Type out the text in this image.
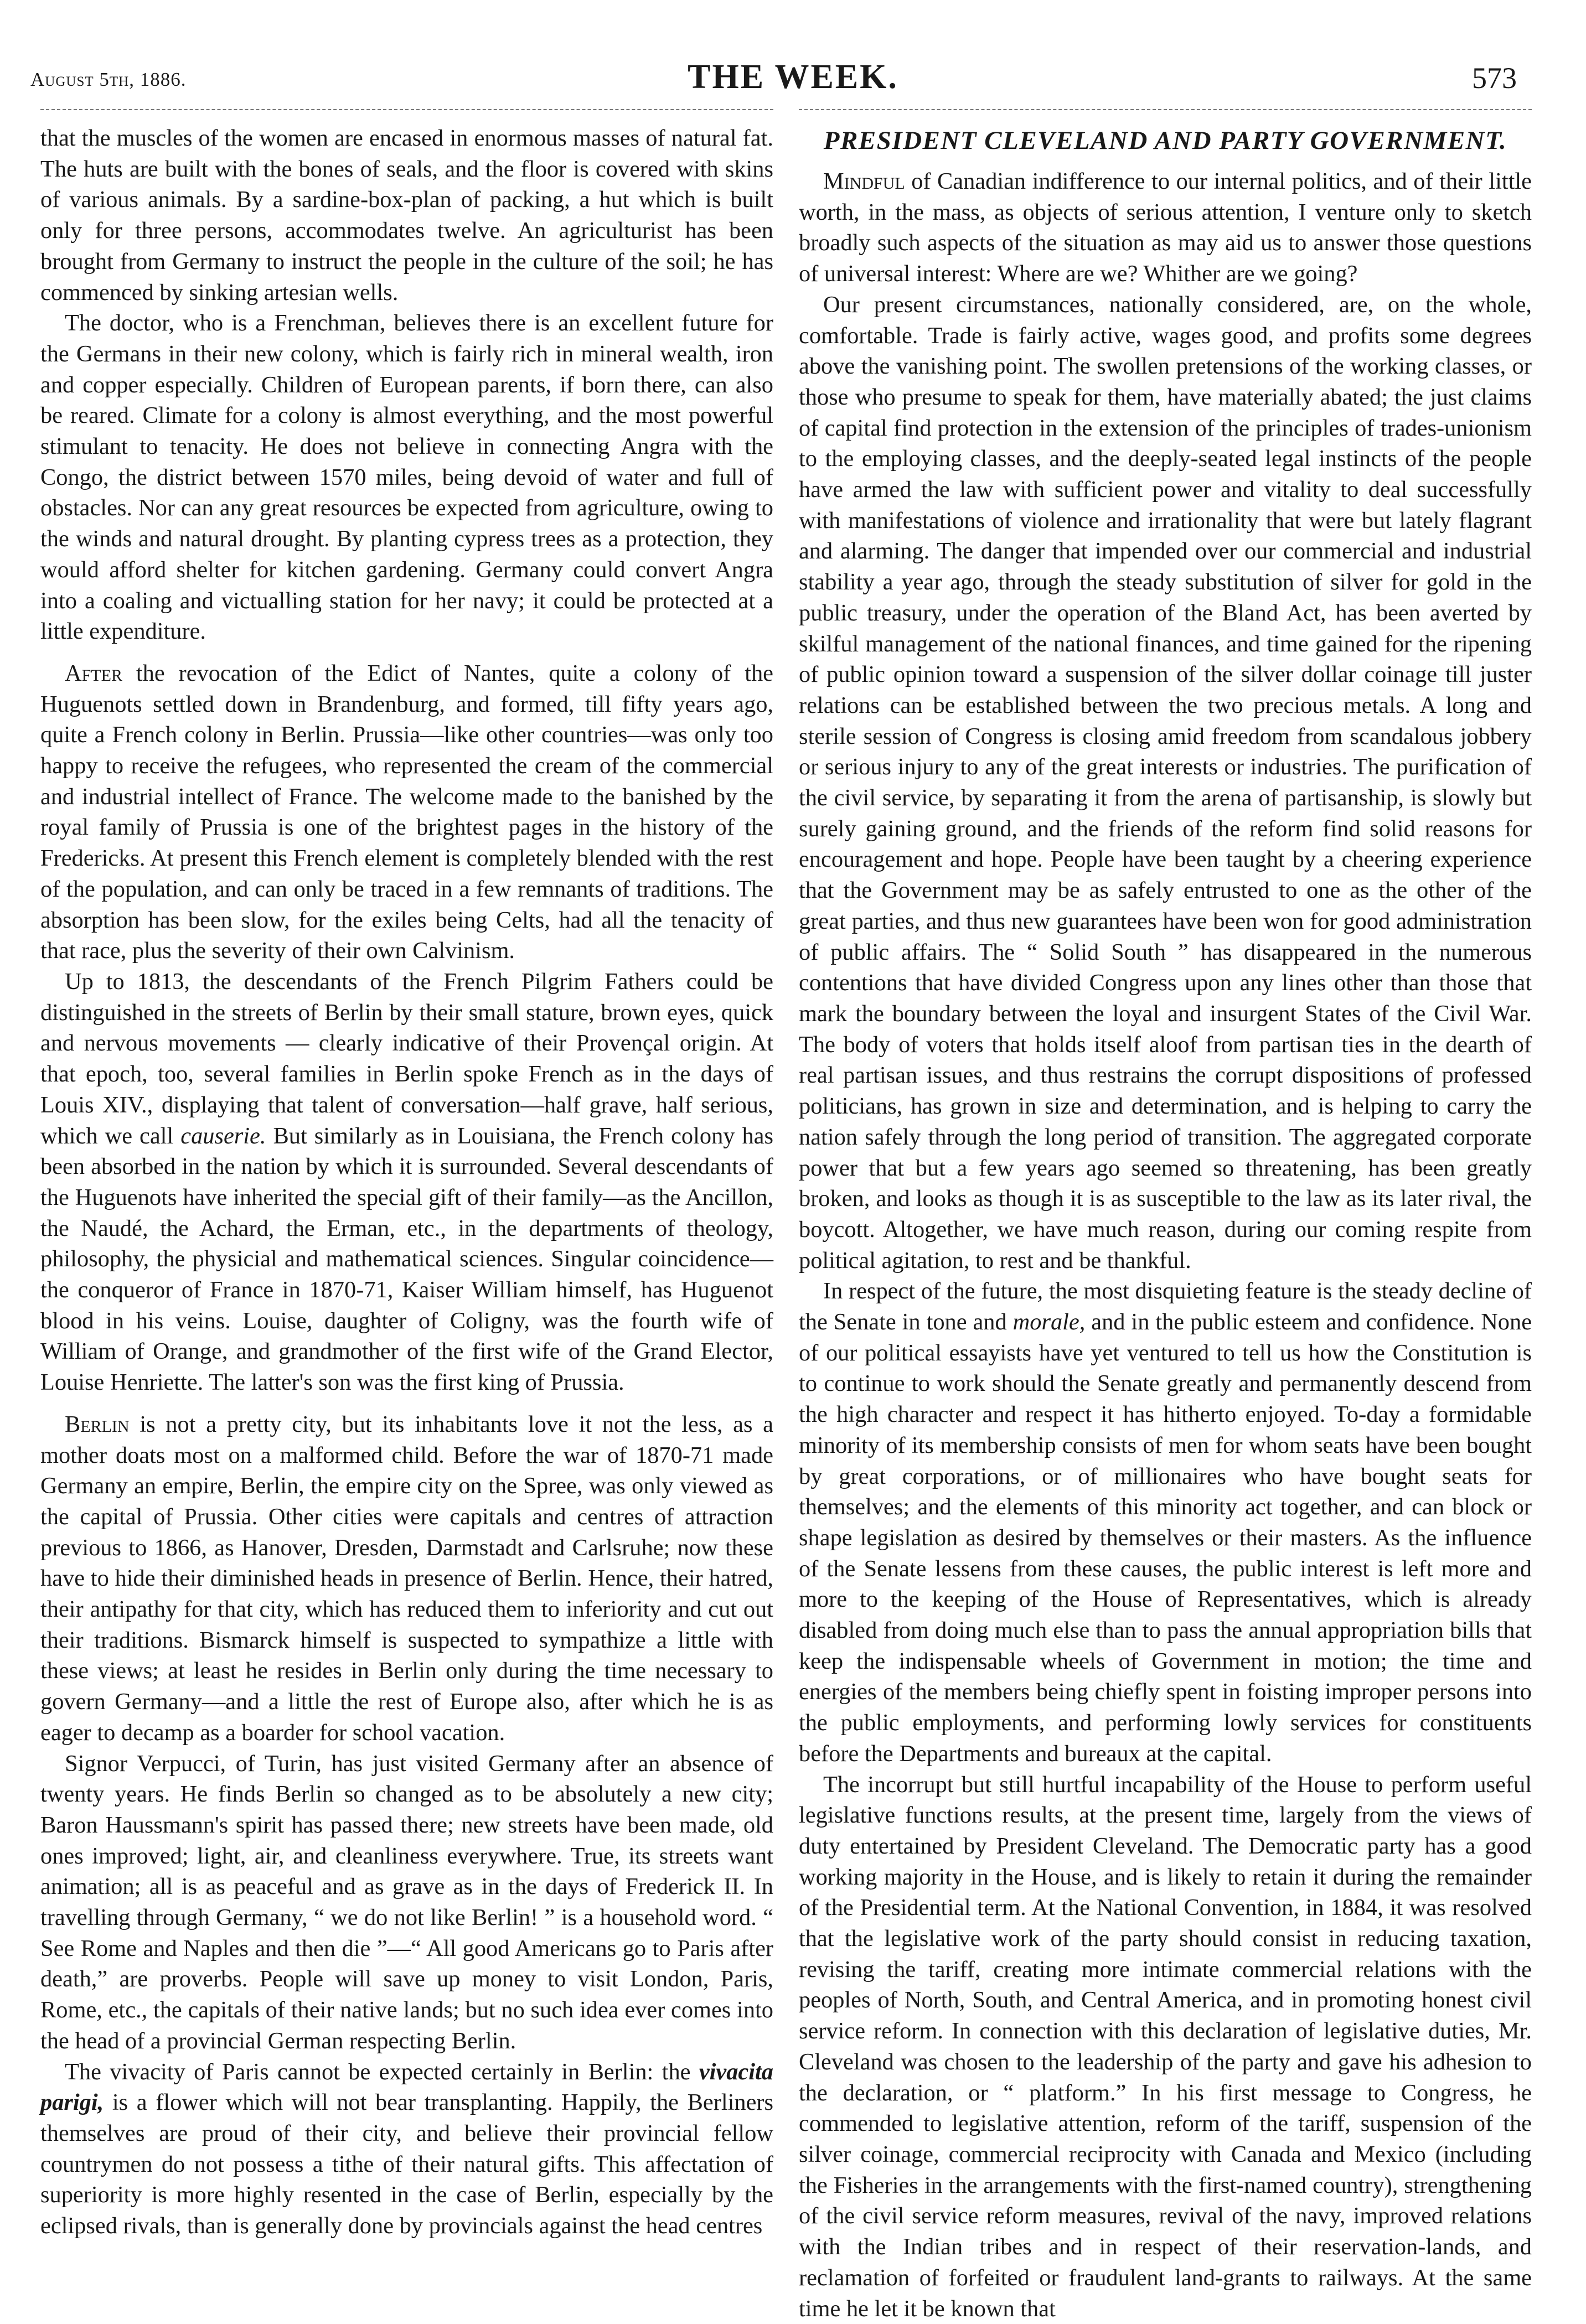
August 5th, 1886.	THE WEEK.	573

that the muscles of the women are encased in enormous masses of natural fat. The huts are built with the bones of seals, and the floor is covered with skins of various animals. By a sardine-box-plan of packing, a hut which is built only for three persons, accommodates twelve. An agriculturist has been brought from Germany to instruct the people in the culture of the soil; he has commenced by sinking artesian wells.

The doctor, who is a Frenchman, believes there is an excellent future for the Germans in their new colony, which is fairly rich in mineral wealth, iron and copper especially. Children of European parents, if born there, can also be reared. Climate for a colony is almost everything, and the most powerful stimulant to tenacity. He does not believe in connecting Angra with the Congo, the district between 1570 miles, being devoid of water and full of obstacles. Nor can any great resources be expected from agriculture, owing to the winds and natural drought. By planting cypress trees as a protection, they would afford shelter for kitchen gardening. Germany could convert Angra into a coaling and victualling station for her navy; it could be protected at a little expenditure.

After the revocation of the Edict of Nantes, quite a colony of the Huguenots settled down in Brandenburg, and formed, till fifty years ago, quite a French colony in Berlin. Prussia—like other countries—was only too happy to receive the refugees, who represented the cream of the commercial and industrial intellect of France. The welcome made to the banished by the royal family of Prussia is one of the brightest pages in the history of the Fredericks. At present this French element is completely blended with the rest of the population, and can only be traced in a few remnants of traditions. The absorption has been slow, for the exiles being Celts, had all the tenacity of that race, plus the severity of their own Calvinism.

Up to 1813, the descendants of the French Pilgrim Fathers could be distinguished in the streets of Berlin by their small stature, brown eyes, quick and nervous movements — clearly indicative of their Provençal origin. At that epoch, too, several families in Berlin spoke French as in the days of Louis XIV., displaying that talent of conversation—half grave, half serious, which we call causerie. But similarly as in Louisiana, the French colony has been absorbed in the nation by which it is surrounded. Several descendants of the Huguenots have inherited the special gift of their family—as the Ancillon, the Naudé, the Achard, the Erman, etc., in the departments of theology, philosophy, the physicial and mathematical sciences. Singular coincidence—the conqueror of France in 1870-71, Kaiser William himself, has Huguenot blood in his veins. Louise, daughter of Coligny, was the fourth wife of William of Orange, and grandmother of the first wife of the Grand Elector, Louise Henriette. The latter's son was the first king of Prussia.

Berlin is not a pretty city, but its inhabitants love it not the less, as a mother doats most on a malformed child. Before the war of 1870-71 made Germany an empire, Berlin, the empire city on the Spree, was only viewed as the capital of Prussia. Other cities were capitals and centres of attraction previous to 1866, as Hanover, Dresden, Darmstadt and Carlsruhe; now these have to hide their diminished heads in presence of Berlin. Hence, their hatred, their antipathy for that city, which has reduced them to inferiority and cut out their traditions. Bismarck himself is suspected to sympathize a little with these views; at least he resides in Berlin only during the time necessary to govern Germany—and a little the rest of Europe also, after which he is as eager to decamp as a boarder for school vacation.

Signor Verpucci, of Turin, has just visited Germany after an absence of twenty years. He finds Berlin so changed as to be absolutely a new city; Baron Haussmann's spirit has passed there; new streets have been made, old ones improved; light, air, and cleanliness everywhere. True, its streets want animation; all is as peaceful and as grave as in the days of Frederick II. In travelling through Germany, “ we do not like Berlin! ” is a household word. “ See Rome and Naples and then die ”—“ All good Americans go to Paris after death,” are proverbs. People will save up money to visit London, Paris, Rome, etc., the capitals of their native lands; but no such idea ever comes into the head of a provincial German respecting Berlin.

The vivacity of Paris cannot be expected certainly in Berlin: the vivacita parigi, is a flower which will not bear transplanting. Happily, the Berliners themselves are proud of their city, and believe their provincial fellow countrymen do not possess a tithe of their natural gifts. This affectation of superiority is more highly resented in the case of Berlin, especially by the eclipsed rivals, than is generally done by provincials against the head centres

PRESIDENT CLEVELAND AND PARTY GOVERNMENT.

Mindful of Canadian indifference to our internal politics, and of their little worth, in the mass, as objects of serious attention, I venture only to sketch broadly such aspects of the situation as may aid us to answer those questions of universal interest: Where are we? Whither are we going?

Our present circumstances, nationally considered, are, on the whole, comfortable. Trade is fairly active, wages good, and profits some degrees above the vanishing point. The swollen pretensions of the working classes, or those who presume to speak for them, have materially abated; the just claims of capital find protection in the extension of the principles of trades-unionism to the employing classes, and the deeply-seated legal instincts of the people have armed the law with sufficient power and vitality to deal successfully with manifestations of violence and irrationality that were but lately flagrant and alarming. The danger that impended over our commercial and industrial stability a year ago, through the steady substitution of silver for gold in the public treasury, under the operation of the Bland Act, has been averted by skilful management of the national finances, and time gained for the ripening of public opinion toward a suspension of the silver dollar coinage till juster relations can be established between the two precious metals. A long and sterile session of Congress is closing amid freedom from scandalous jobbery or serious injury to any of the great interests or industries. The purification of the civil service, by separating it from the arena of partisanship, is slowly but surely gaining ground, and the friends of the reform find solid reasons for encouragement and hope. People have been taught by a cheering experience that the Government may be as safely entrusted to one as the other of the great parties, and thus new guarantees have been won for good administration of public affairs. The “ Solid South ” has disappeared in the numerous contentions that have divided Congress upon any lines other than those that mark the boundary between the loyal and insurgent States of the Civil War. The body of voters that holds itself aloof from partisan ties in the dearth of real partisan issues, and thus restrains the corrupt dispositions of professed politicians, has grown in size and determination, and is helping to carry the nation safely through the long period of transition. The aggregated corporate power that but a few years ago seemed so threatening, has been greatly broken, and looks as though it is as susceptible to the law as its later rival, the boycott. Altogether, we have much reason, during our coming respite from political agitation, to rest and be thankful.

In respect of the future, the most disquieting feature is the steady decline of the Senate in tone and morale, and in the public esteem and confidence. None of our political essayists have yet ventured to tell us how the Constitution is to continue to work should the Senate greatly and permanently descend from the high character and respect it has hitherto enjoyed. To-day a formidable minority of its membership consists of men for whom seats have been bought by great corporations, or of millionaires who have bought seats for themselves; and the elements of this minority act together, and can block or shape legislation as desired by themselves or their masters. As the influence of the Senate lessens from these causes, the public interest is left more and more to the keeping of the House of Representatives, which is already disabled from doing much else than to pass the annual appropriation bills that keep the indispensable wheels of Government in motion; the time and energies of the members being chiefly spent in foisting improper persons into the public employments, and performing lowly services for constituents before the Departments and bureaux at the capital.

The incorrupt but still hurtful incapability of the House to perform useful legislative functions results, at the present time, largely from the views of duty entertained by President Cleveland. The Democratic party has a good working majority in the House, and is likely to retain it during the remainder of the Presidential term. At the National Convention, in 1884, it was resolved that the legislative work of the party should consist in reducing taxation, revising the tariff, creating more intimate commercial relations with the peoples of North, South, and Central America, and in promoting honest civil service reform. In connection with this declaration of legislative duties, Mr. Cleveland was chosen to the leadership of the party and gave his adhesion to the declaration, or “ platform.” In his first message to Congress, he commended to legislative attention, reform of the tariff, suspension of the silver coinage, commercial reciprocity with Canada and Mexico (including the Fisheries in the arrangements with the first-named country), strengthening of the civil service reform measures, revival of the navy, improved relations with the Indian tribes and in respect of their reservation-lands, and reclamation of forfeited or fraudulent land-grants to railways. At the same time he let it be known that
